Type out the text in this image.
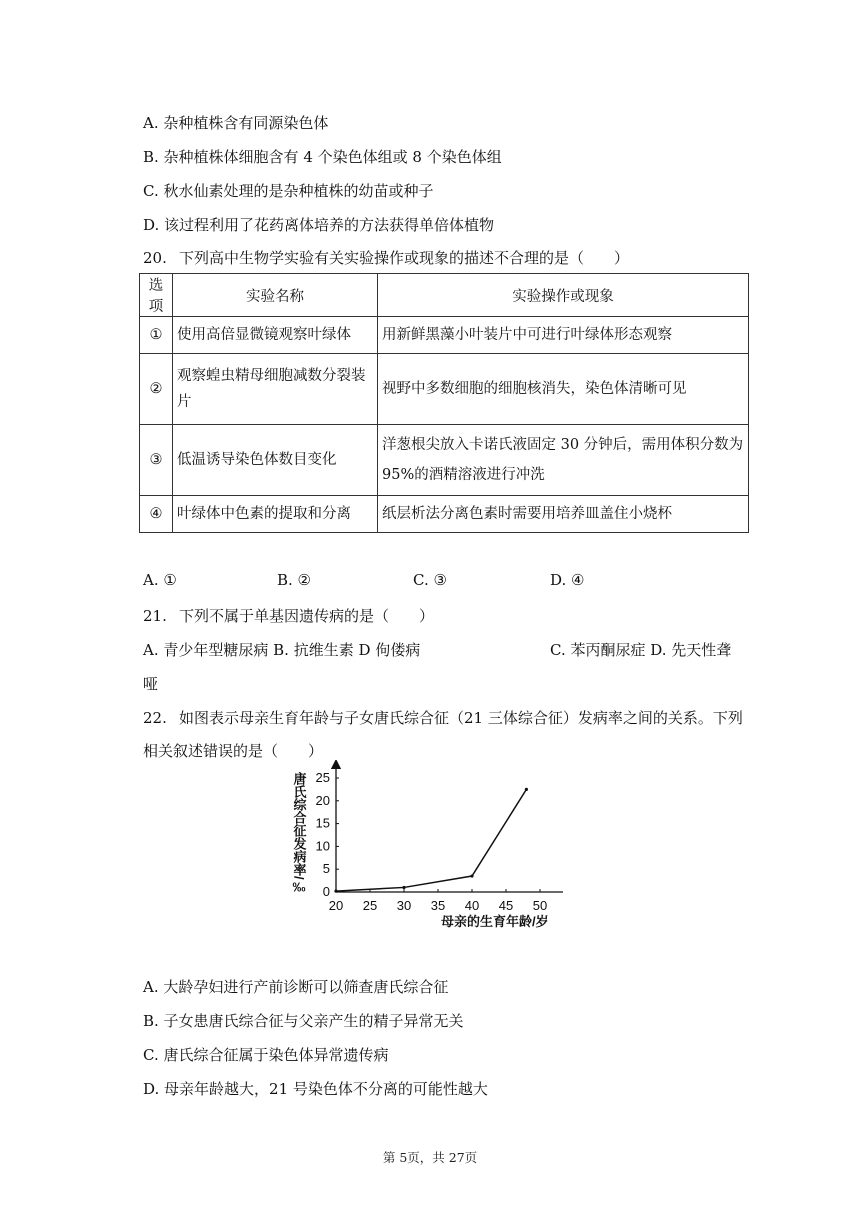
A. 杂种植株含有同源染色体
B. 杂种植株体细胞含有 4 个染色体组或 8 个染色体组
C. 秋水仙素处理的是杂种植株的幼苗或种子
D. 该过程利用了花药离体培养的方法获得单倍体植物
20. 下列高中生物学实验有关实验操作或现象的描述不合理的是（　　）
选项	实验名称	实验操作或现象
①	使用高倍显微镜观察叶绿体	用新鲜黑藻小叶装片中可进行叶绿体形态观察
②	观察蝗虫精母细胞减数分裂装片	视野中多数细胞的细胞核消失，染色体清晰可见
③	低温诱导染色体数目变化	洋葱根尖放入卡诺氏液固定 30 分钟后，需用体积分数为95%的酒精溶液进行冲洗
④	叶绿体中色素的提取和分离	纸层析法分离色素时需要用培养皿盖住小烧杯
A. ①	B. ②	C. ③	D. ④
21. 下列不属于单基因遗传病的是（　　）
A. 青少年型糖尿病 B. 抗维生素 D 佝偻病	C. 苯丙酮尿症 D. 先天性聋
哑
22. 如图表示母亲生育年龄与子女唐氏综合征（21 三体综合征）发病率之间的关系。下列
相关叙述错误的是（　　）
20 25 30 35 40 45 50
0
5
10
15
20
25
唐氏综合征发病率/‰
母亲的生育年龄/岁
A. 大龄孕妇进行产前诊断可以筛查唐氏综合征
B. 子女患唐氏综合征与父亲产生的精子异常无关
C. 唐氏综合征属于染色体异常遗传病
D. 母亲年龄越大，21 号染色体不分离的可能性越大
第 5页，共 27页
